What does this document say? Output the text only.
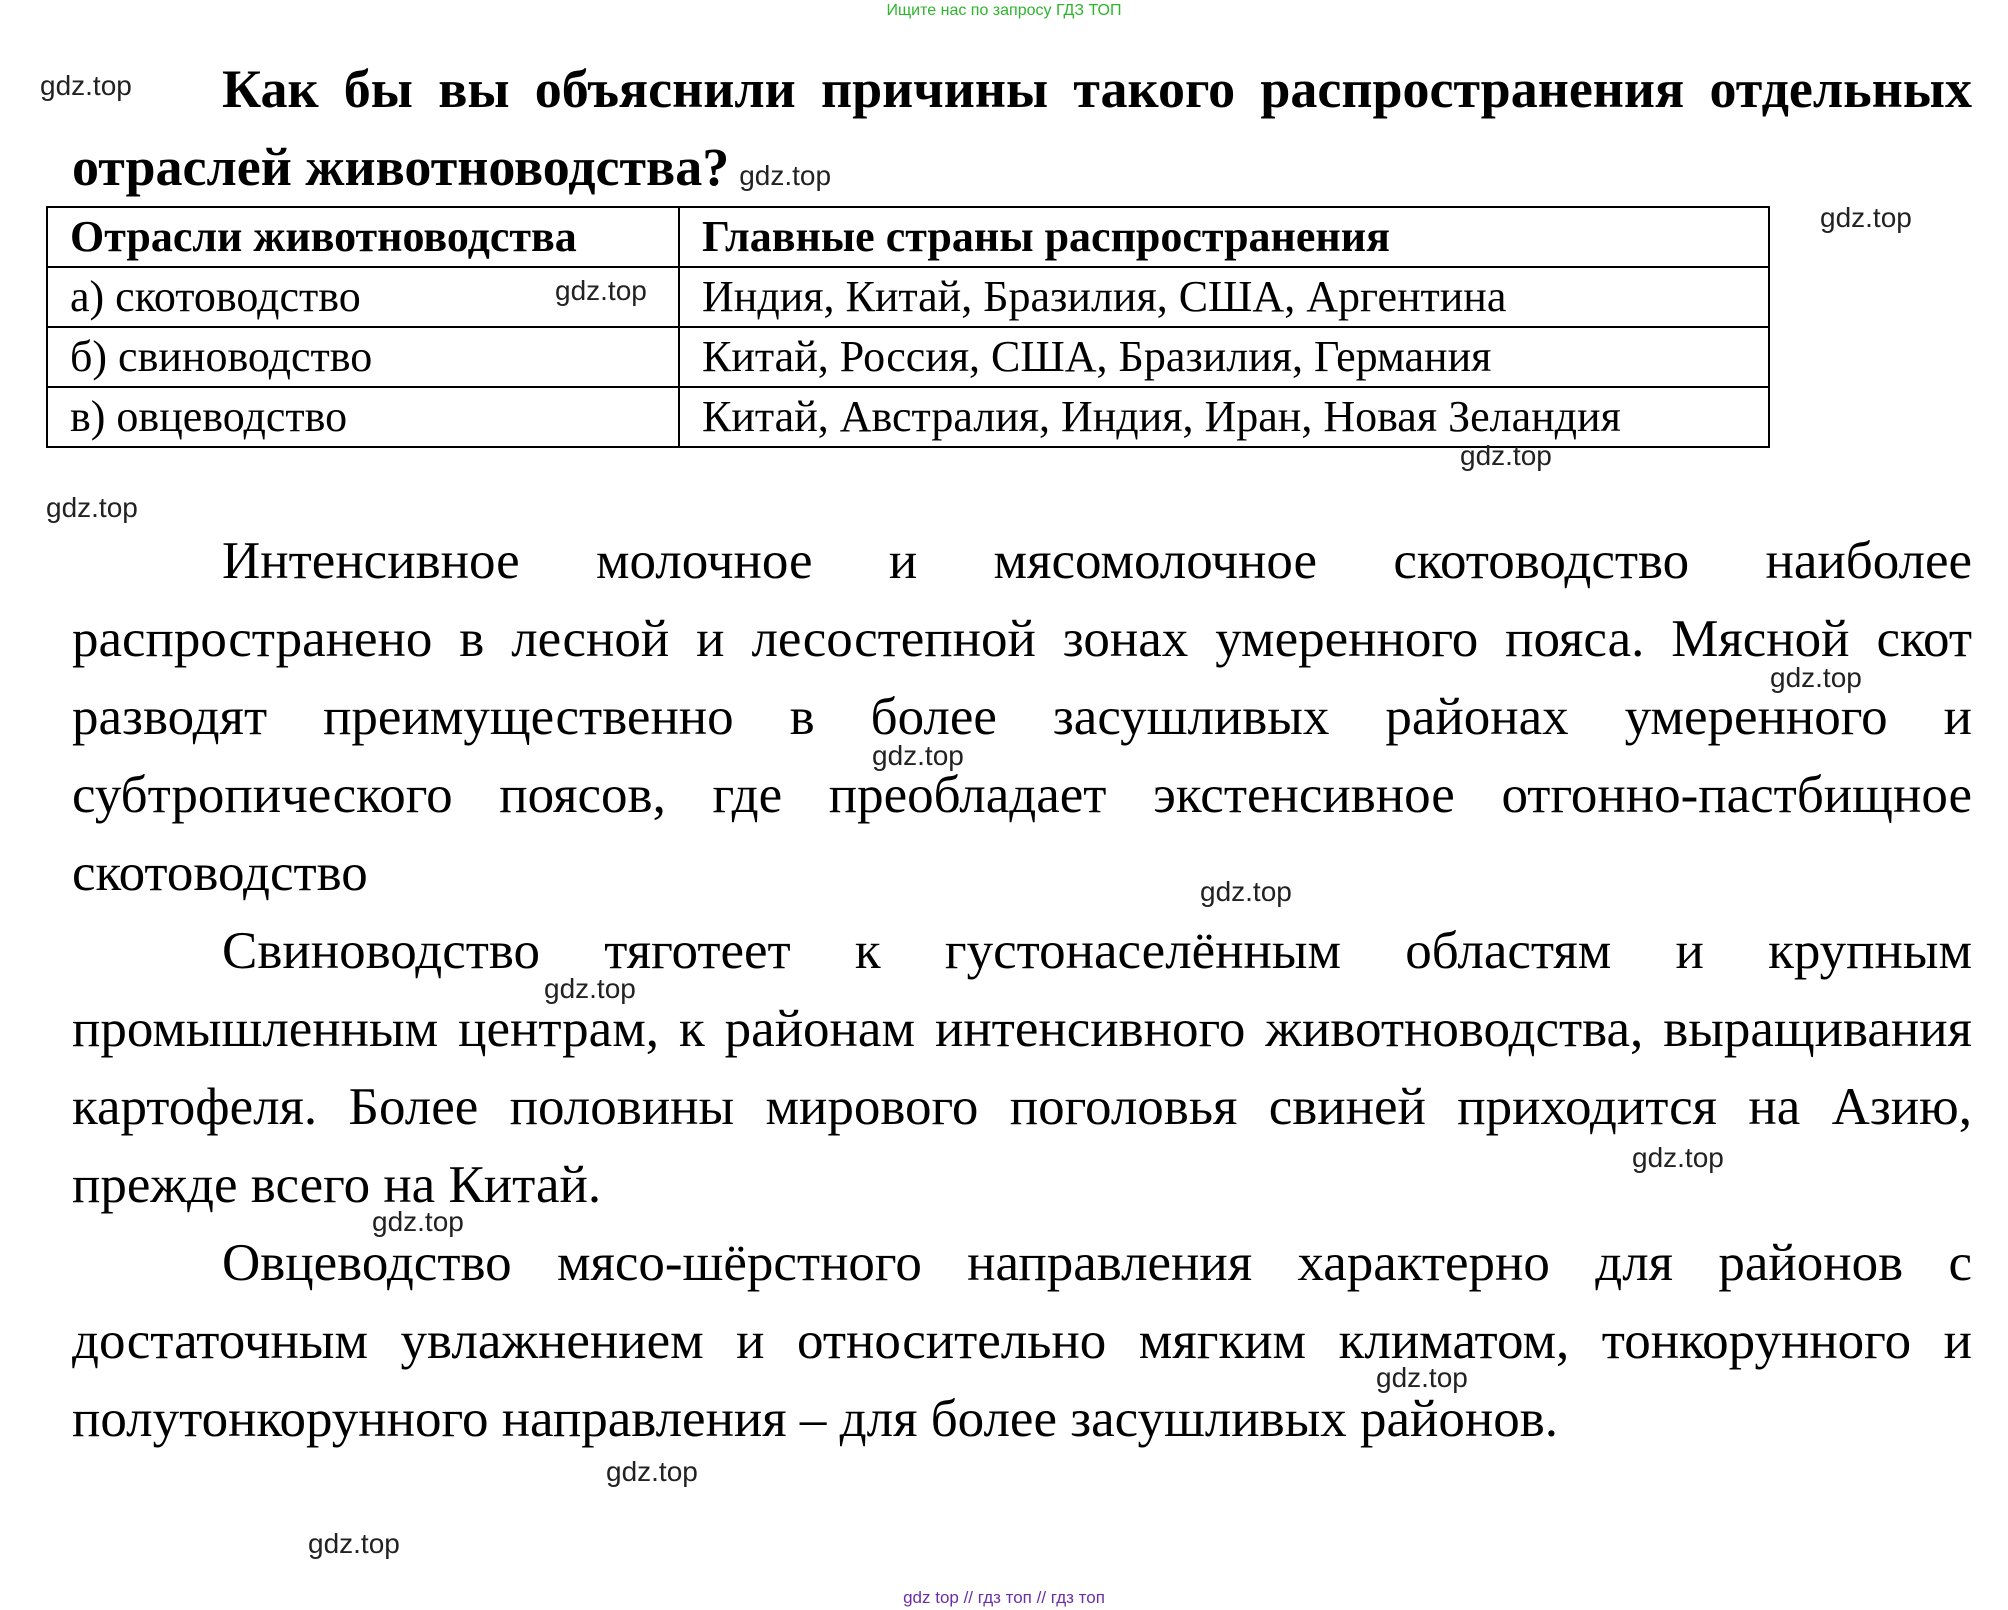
Ищите нас по запросу ГДЗ ТОП

Как бы вы объяснили причины такого распространения отдельных отраслей животноводства? gdz.top

Отрасли животноводства	Главные страны распространения
а) скотоводство	Индия, Китай, Бразилия, США, Аргентина
б) свиноводство	Китай, Россия, США, Бразилия, Германия
в) овцеводство	Китай, Австралия, Индия, Иран, Новая Зеландия

Интенсивное молочное и мясомолочное скотоводство наиболее распространено в лесной и лесостепной зонах умеренного пояса. Мясной скот разводят преимущественно в более засушливых районах умеренного и субтропического поясов, где преобладает экстенсивное отгонно-пастбищное скотоводство

Свиноводство тяготеет к густонаселённым областям и крупным промышленным центрам, к районам интенсивного животноводства, выращивания картофеля. Более половины мирового поголовья свиней приходится на Азию, прежде всего на Китай.

Овцеводство мясо-шёрстного направления характерно для районов с достаточным увлажнением и относительно мягким климатом, тонкорунного и полутонкорунного направления – для более засушливых районов.

gdz.top
gdz.top
gdz.top
gdz.top
gdz.top
gdz.top
gdz.top
gdz.top
gdz.top
gdz.top
gdz.top
gdz.top
gdz.top
gdz.top
gdz top // гдз топ // гдз топ
